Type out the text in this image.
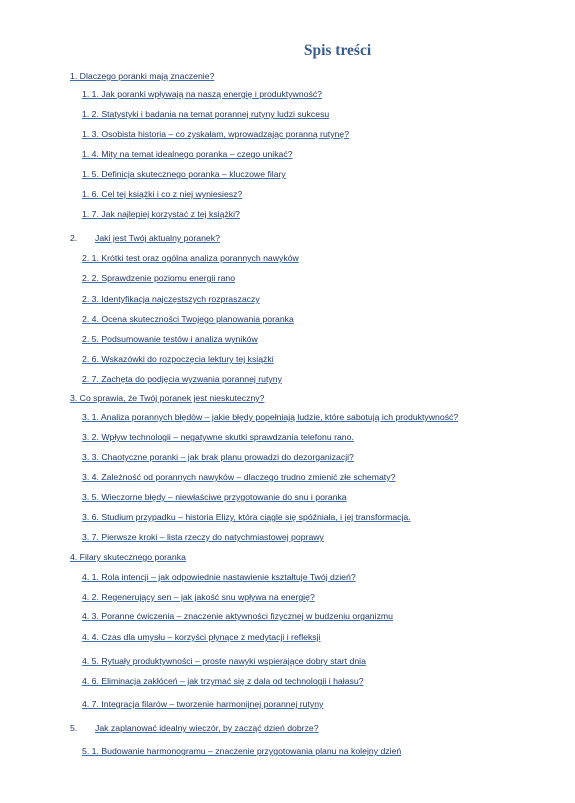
Spis treści
1. Dlaczego poranki mają znaczenie?
1. 1. Jak poranki wpływają na naszą energię i produktywność?
1. 2. Statystyki i badania na temat porannej rutyny ludzi sukcesu
1. 3. Osobista historia – co zyskałam, wprowadzając poranną rutynę?
1. 4. Mity na temat idealnego poranka – czego unikać?
1. 5. Definicja skutecznego poranka – kluczowe filary
1. 6. Cel tej książki i co z niej wyniesiesz?
1. 7. Jak najlepiej korzystać z tej książki?
2. Jaki jest Twój aktualny poranek?
2. 1. Krótki test oraz ogólna analiza porannych nawyków
2. 2. Sprawdzenie poziomu energii rano
2. 3. Identyfikacja najczęstszych rozpraszaczy
2. 4. Ocena skuteczności Twojego planowania poranka
2. 5. Podsumowanie testów i analiza wyników
2. 6. Wskazówki do rozpoczęcia lektury tej książki
2. 7. Zachęta do podjęcia wyzwania porannej rutyny
3. Co sprawia, że Twój poranek jest nieskuteczny?
3. 1. Analiza porannych błędów – jakie błędy popełniają ludzie, które sabotują ich produktywność?
3. 2. Wpływ technologii – negatywne skutki sprawdzania telefonu rano.
3. 3. Chaotyczne poranki – jak brak planu prowadzi do dezorganizacji?
3. 4. Zależność od porannych nawyków – dlaczego trudno zmienić złe schematy?
3. 5. Wieczorne błędy – niewłaściwe przygotowanie do snu i poranka
3. 6. Studium przypadku – historia Elizy, która ciągle się spóźniała, i jej transformacja.
3. 7. Pierwsze kroki – lista rzeczy do natychmiastowej poprawy
4. Filary skutecznego poranka
4. 1. Rola intencji – jak odpowiednie nastawienie kształtuje Twój dzień?
4. 2. Regenerujący sen – jak jakość snu wpływa na energię?
4. 3. Poranne ćwiczenia – znaczenie aktywności fizycznej w budzeniu organizmu
4. 4. Czas dla umysłu – korzyści płynące z medytacji i refleksji
4. 5. Rytuały produktywności – proste nawyki wspierające dobry start dnia
4. 6. Eliminacja zakłóceń – jak trzymać się z dala od technologii i hałasu?
4. 7. Integracja filarów – tworzenie harmonijnej porannej rutyny
5. Jak zaplanować idealny wieczór, by zacząć dzień dobrze?
5. 1. Budowanie harmonogramu – znaczenie przygotowania planu na kolejny dzień
